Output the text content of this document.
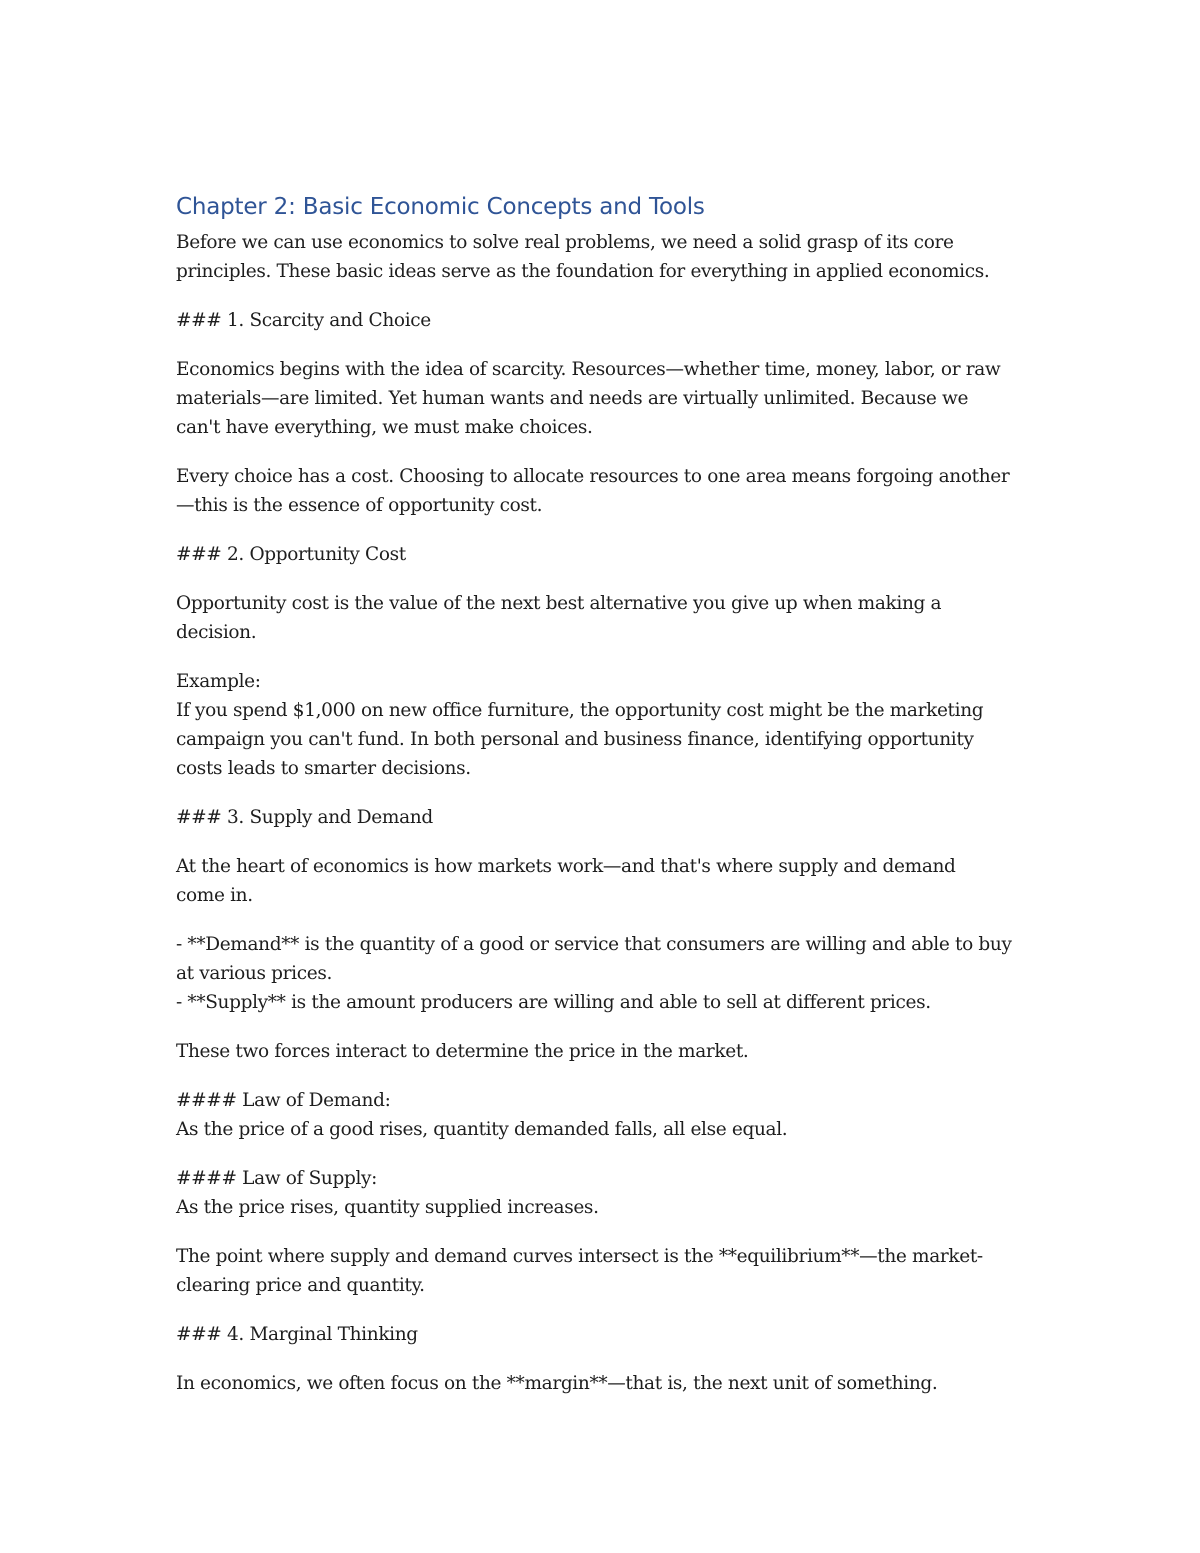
Chapter 2: Basic Economic Concepts and Tools
Before we can use economics to solve real problems, we need a solid grasp of its core
principles. These basic ideas serve as the foundation for everything in applied economics.
### 1. Scarcity and Choice
Economics begins with the idea of scarcity. Resources—whether time, money, labor, or raw
materials—are limited. Yet human wants and needs are virtually unlimited. Because we
can't have everything, we must make choices.
Every choice has a cost. Choosing to allocate resources to one area means forgoing another
—this is the essence of opportunity cost.
### 2. Opportunity Cost
Opportunity cost is the value of the next best alternative you give up when making a
decision.
Example:
If you spend $1,000 on new office furniture, the opportunity cost might be the marketing
campaign you can't fund. In both personal and business finance, identifying opportunity
costs leads to smarter decisions.
### 3. Supply and Demand
At the heart of economics is how markets work—and that's where supply and demand
come in.
- **Demand** is the quantity of a good or service that consumers are willing and able to buy
at various prices.
- **Supply** is the amount producers are willing and able to sell at different prices.
These two forces interact to determine the price in the market.
#### Law of Demand:
As the price of a good rises, quantity demanded falls, all else equal.
#### Law of Supply:
As the price rises, quantity supplied increases.
The point where supply and demand curves intersect is the **equilibrium**—the market-
clearing price and quantity.
### 4. Marginal Thinking
In economics, we often focus on the **margin**—that is, the next unit of something.
